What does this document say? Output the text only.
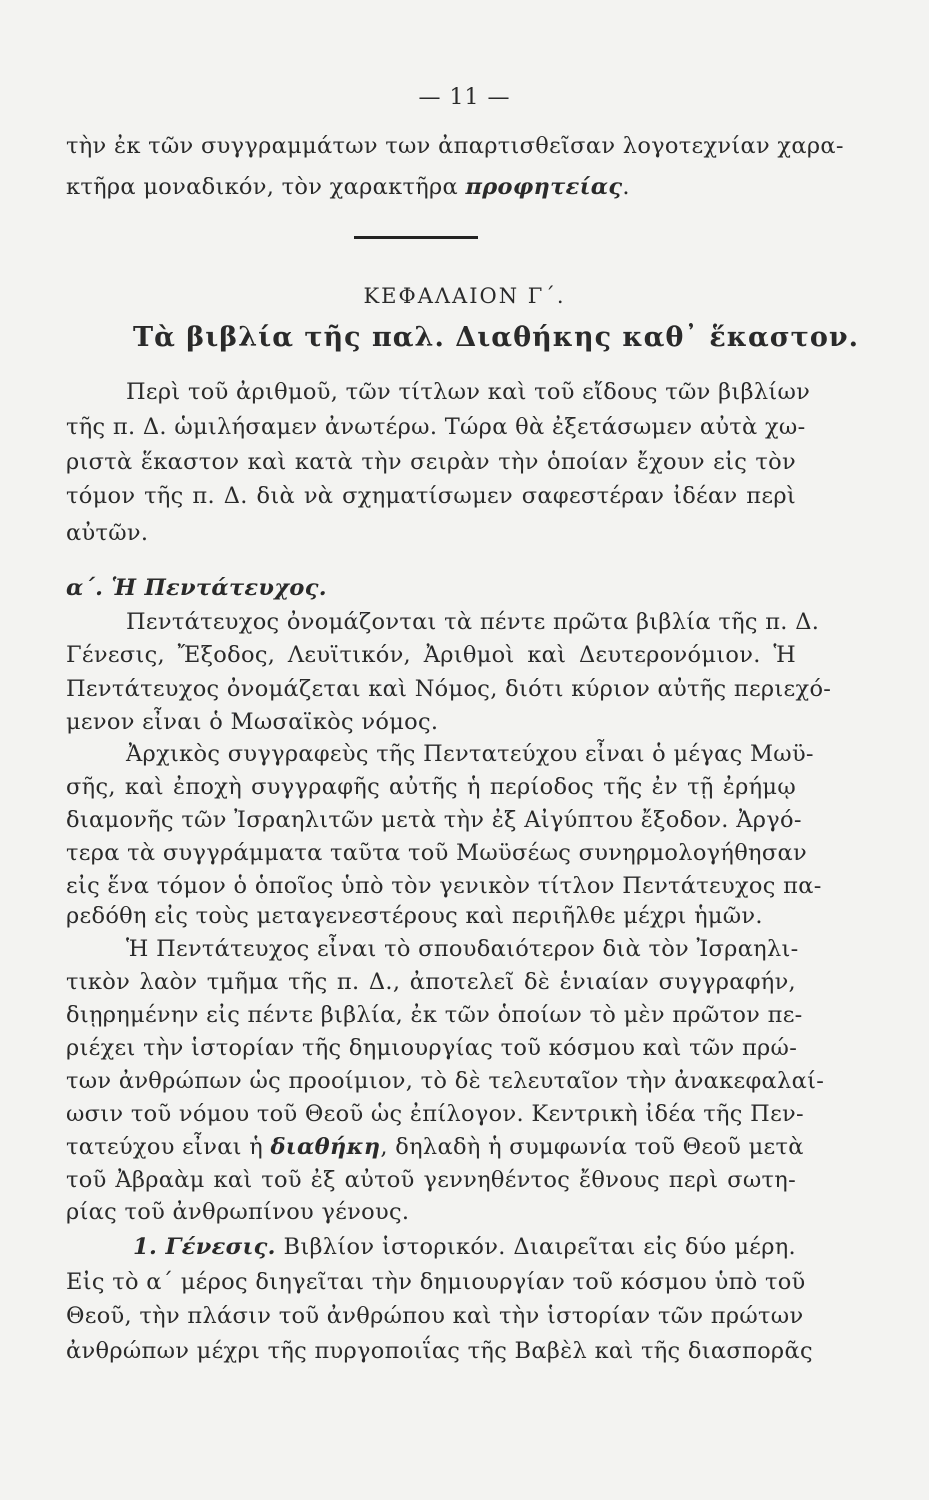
— 11 —
τὴν ἐκ τῶν συγγραμμάτων των ἀπαρτισθεῖσαν λογοτεχνίαν χαρα-
κτῆρα μοναδικόν, τὸν χαρακτῆρα προφητείας.
ΚΕΦΑΛΑΙΟΝ Γ΄.
Τὰ βιβλία τῆς παλ. Διαθήκης καθ᾿ ἕκαστον.
Περὶ τοῦ ἀριθμοῦ, τῶν τίτλων καὶ τοῦ εἴδους τῶν βιβλίων
τῆς π. Δ. ὡμιλήσαμεν ἀνωτέρω. Τώρα θὰ ἐξετάσωμεν αὐτὰ χω-
ριστὰ ἕκαστον καὶ κατὰ τὴν σειρὰν τὴν ὁποίαν ἔχουν εἰς τὸν
τόμον τῆς π. Δ. διὰ νὰ σχηματίσωμεν σαφεστέραν ἰδέαν περὶ
αὐτῶν.
α΄. Ἡ Πεντάτευχος.
Πεντάτευχος ὀνομάζονται τὰ πέντε πρῶτα βιβλία τῆς π. Δ.
Γένεσις, Ἔξοδος, Λευϊτικόν, Ἀριθμοὶ καὶ Δευτερονόμιον. Ἡ
Πεντάτευχος ὀνομάζεται καὶ Νόμος, διότι κύριον αὐτῆς περιεχό-
μενον εἶναι ὁ Μωσαϊκὸς νόμος.
Ἀρχικὸς συγγραφεὺς τῆς Πεντατεύχου εἶναι ὁ μέγας Μωϋ-
σῆς, καὶ ἐποχὴ συγγραφῆς αὐτῆς ἡ περίοδος τῆς ἐν τῇ ἐρήμῳ
διαμονῆς τῶν Ἰσραηλιτῶν μετὰ τὴν ἐξ Αἰγύπτου ἔξοδον. Ἀργό-
τερα τὰ συγγράμματα ταῦτα τοῦ Μωϋσέως συνηρμολογήθησαν
εἰς ἕνα τόμον ὁ ὁποῖος ὑπὸ τὸν γενικὸν τίτλον Πεντάτευχος πα-
ρεδόθη εἰς τοὺς μεταγενεστέρους καὶ περιῆλθε μέχρι ἡμῶν.
Ἡ Πεντάτευχος εἶναι τὸ σπουδαιότερον διὰ τὸν Ἰσραηλι-
τικὸν λαὸν τμῆμα τῆς π. Δ., ἀποτελεῖ δὲ ἑνιαίαν συγγραφήν,
διῃρημένην εἰς πέντε βιβλία, ἐκ τῶν ὁποίων τὸ μὲν πρῶτον πε-
ριέχει τὴν ἱστορίαν τῆς δημιουργίας τοῦ κόσμου καὶ τῶν πρώ-
των ἀνθρώπων ὡς προοίμιον, τὸ δὲ τελευταῖον τὴν ἀνακεφαλαί-
ωσιν τοῦ νόμου τοῦ Θεοῦ ὡς ἐπίλογον. Κεντρικὴ ἰδέα τῆς Πεν-
τατεύχου εἶναι ἡ διαθήκη, δηλαδὴ ἡ συμφωνία τοῦ Θεοῦ μετὰ
τοῦ Ἀβραὰμ καὶ τοῦ ἐξ αὐτοῦ γεννηθέντος ἔθνους περὶ σωτη-
ρίας τοῦ ἀνθρωπίνου γένους.
1. Γένεσις. Βιβλίον ἱστορικόν. Διαιρεῖται εἰς δύο μέρη.
Εἰς τὸ α΄ μέρος διηγεῖται τὴν δημιουργίαν τοῦ κόσμου ὑπὸ τοῦ
Θεοῦ, τὴν πλάσιν τοῦ ἀνθρώπου καὶ τὴν ἱστορίαν τῶν πρώτων
ἀνθρώπων μέχρι τῆς πυργοποιΐας τῆς Βαβὲλ καὶ τῆς διασπορᾶς
